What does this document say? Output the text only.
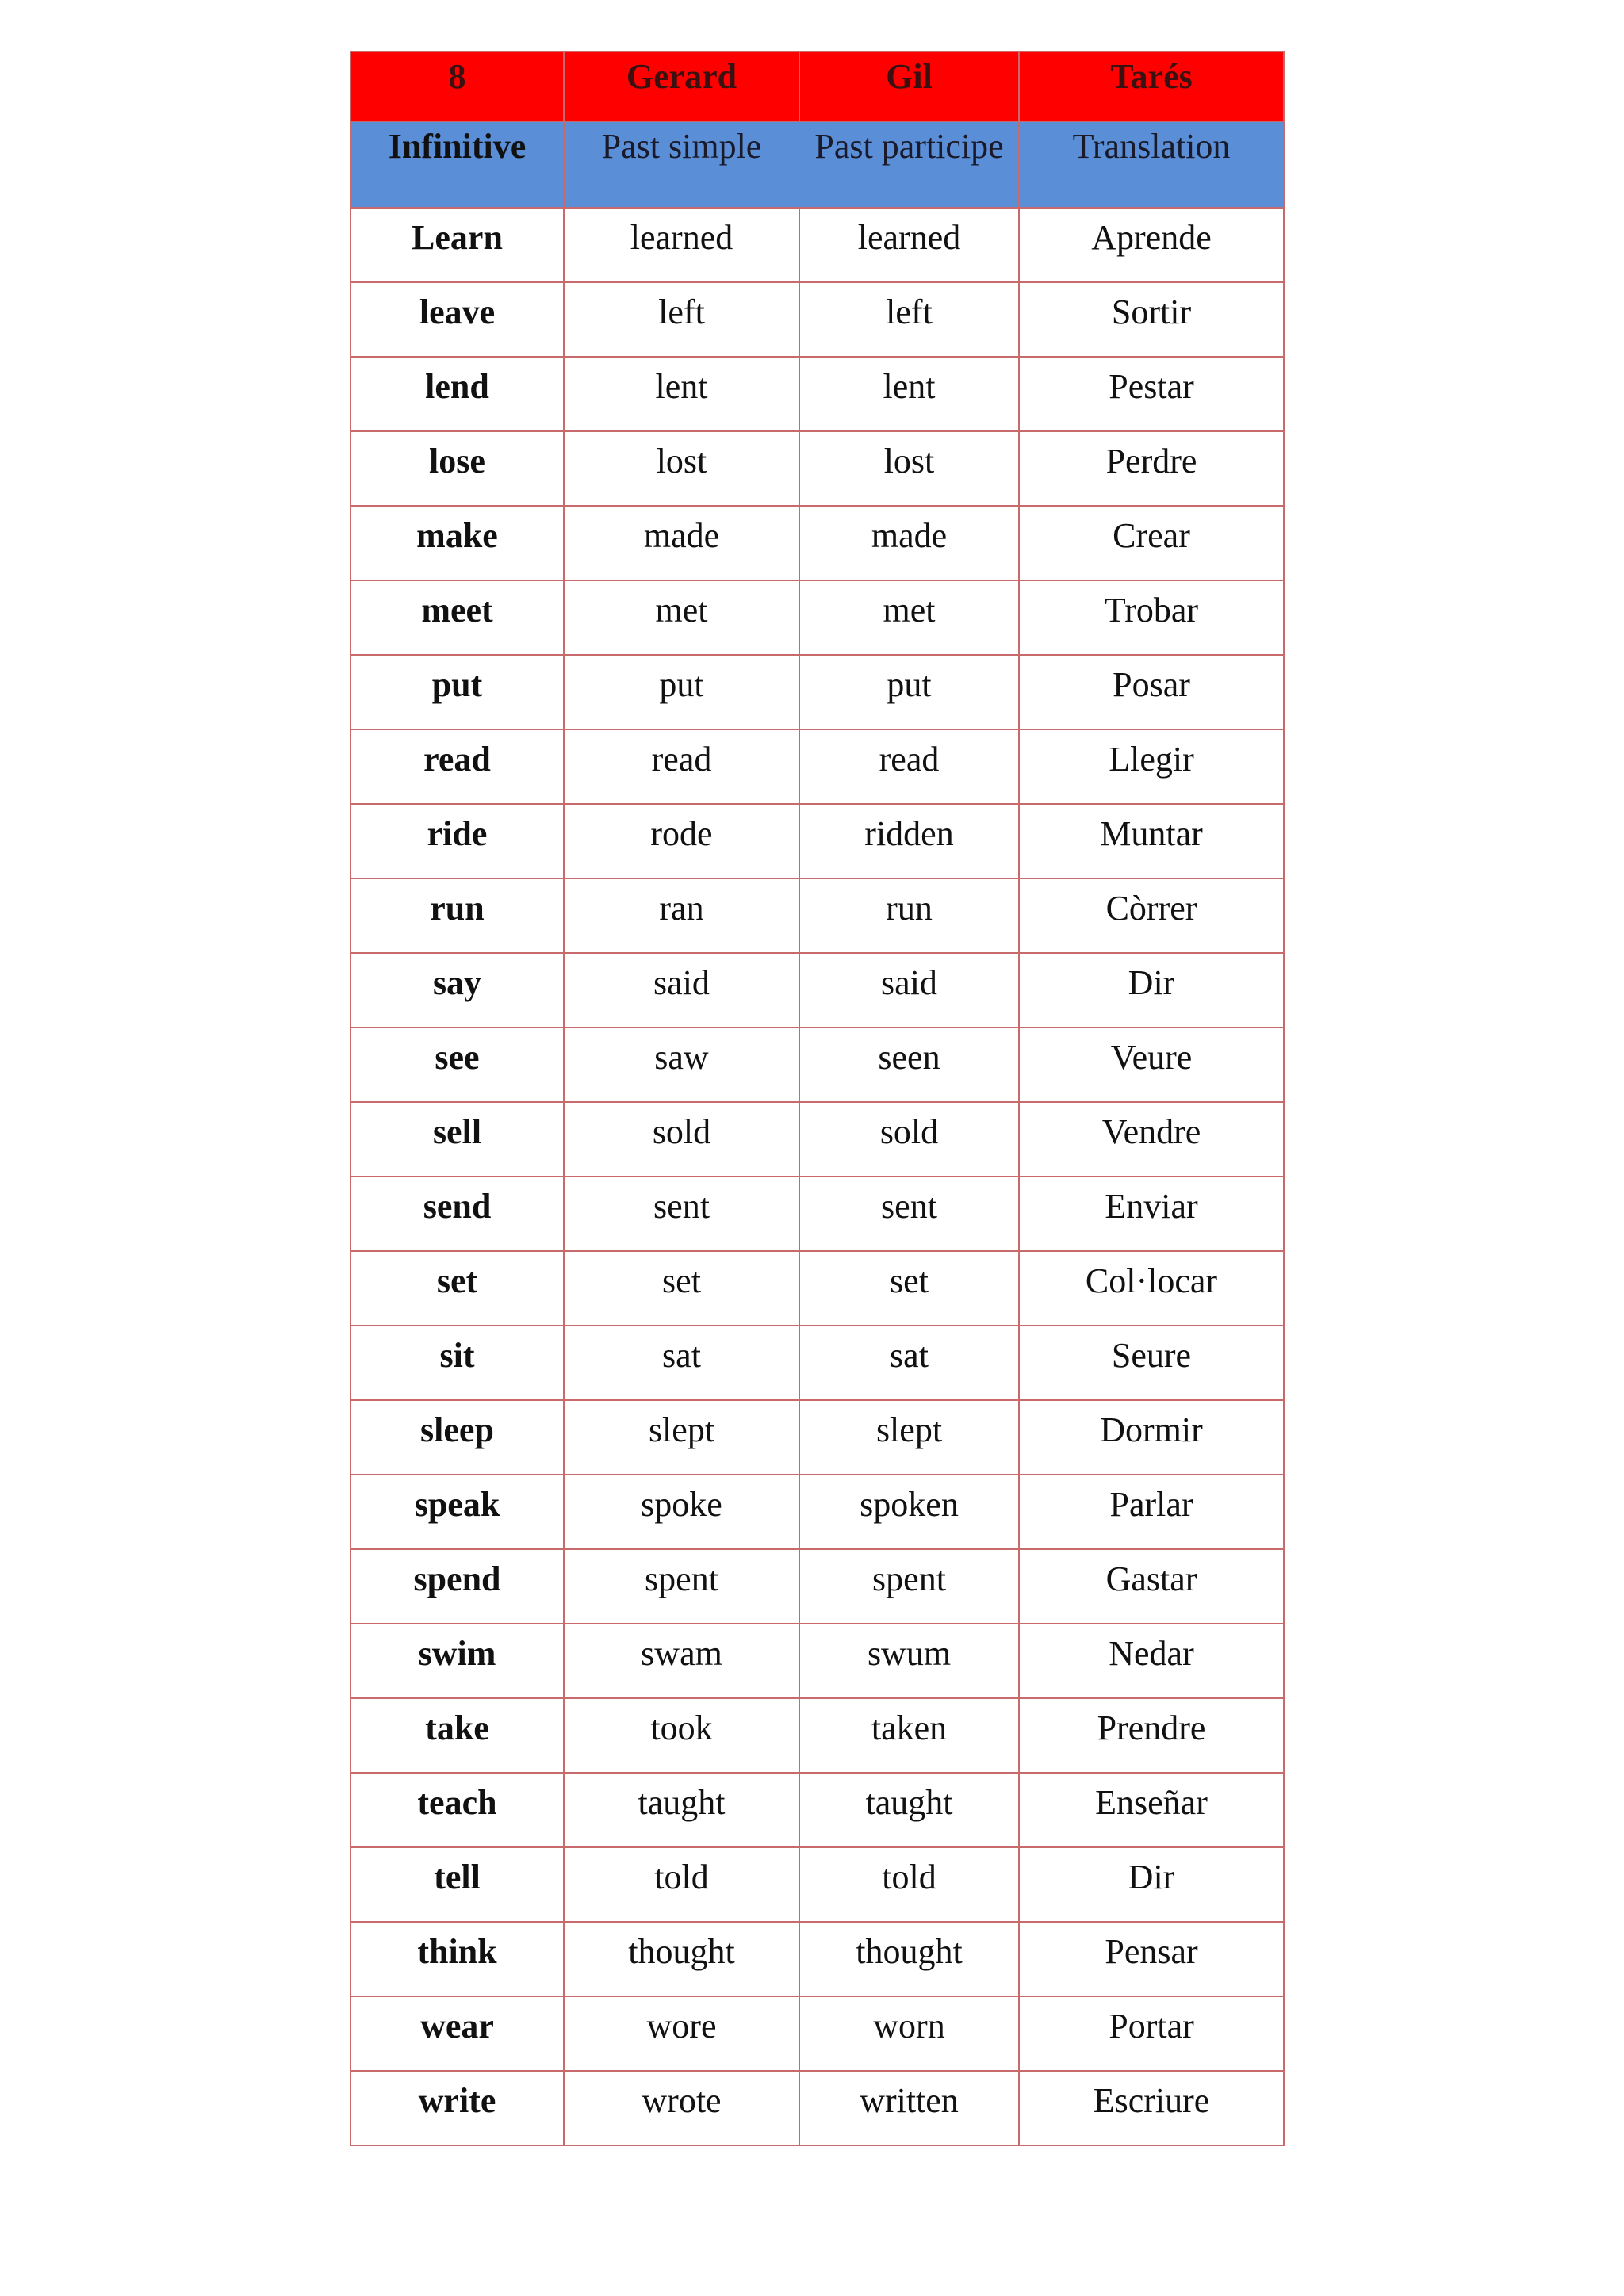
8	Gerard	Gil	Tarés
Infinitive	Past simple	Past participe	Translation
Learn	learned	learned	Aprende
leave	left	left	Sortir
lend	lent	lent	Pestar
lose	lost	lost	Perdre
make	made	made	Crear
meet	met	met	Trobar
put	put	put	Posar
read	read	read	Llegir
ride	rode	ridden	Muntar
run	ran	run	Còrrer
say	said	said	Dir
see	saw	seen	Veure
sell	sold	sold	Vendre
send	sent	sent	Enviar
set	set	set	Col·locar
sit	sat	sat	Seure
sleep	slept	slept	Dormir
speak	spoke	spoken	Parlar
spend	spent	spent	Gastar
swim	swam	swum	Nedar
take	took	taken	Prendre
teach	taught	taught	Enseñar
tell	told	told	Dir
think	thought	thought	Pensar
wear	wore	worn	Portar
write	wrote	written	Escriure
